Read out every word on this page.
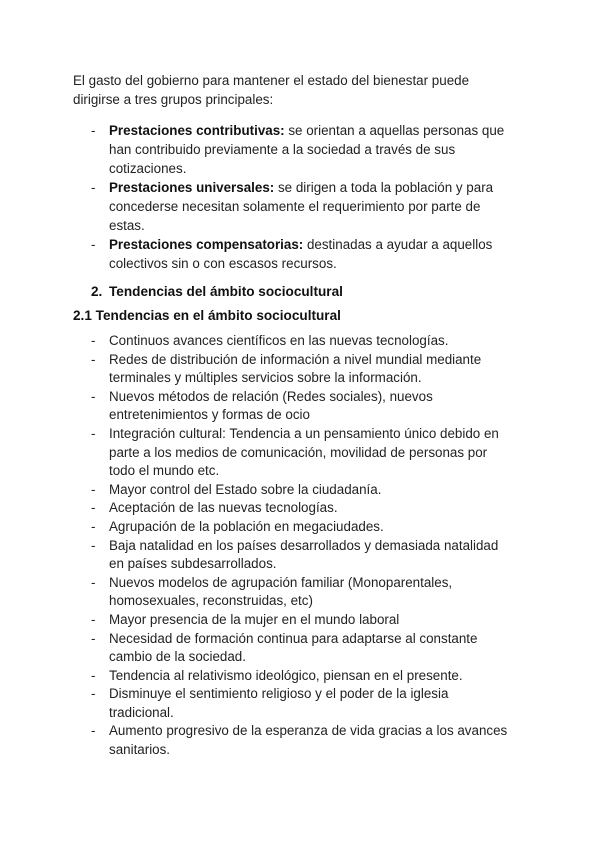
El gasto del gobierno para mantener el estado del bienestar puede dirigirse a tres grupos principales:

- Prestaciones contributivas: se orientan a aquellas personas que han contribuido previamente a la sociedad a través de sus cotizaciones.
- Prestaciones universales: se dirigen a toda la población y para concederse necesitan solamente el requerimiento por parte de estas.
- Prestaciones compensatorias: destinadas a ayudar a aquellos colectivos sin o con escasos recursos.

2. Tendencias del ámbito sociocultural

2.1 Tendencias en el ámbito sociocultural

- Continuos avances científicos en las nuevas tecnologías.
- Redes de distribución de información a nivel mundial mediante terminales y múltiples servicios sobre la información.
- Nuevos métodos de relación (Redes sociales), nuevos entretenimientos y formas de ocio
- Integración cultural: Tendencia a un pensamiento único debido en parte a los medios de comunicación, movilidad de personas por todo el mundo etc.
- Mayor control del Estado sobre la ciudadanía.
- Aceptación de las nuevas tecnologías.
- Agrupación de la población en megaciudades.
- Baja natalidad en los países desarrollados y demasiada natalidad en países subdesarrollados.
- Nuevos modelos de agrupación familiar (Monoparentales, homosexuales, reconstruidas, etc)
- Mayor presencia de la mujer en el mundo laboral
- Necesidad de formación continua para adaptarse al constante cambio de la sociedad.
- Tendencia al relativismo ideológico, piensan en el presente.
- Disminuye el sentimiento religioso y el poder de la iglesia tradicional.
- Aumento progresivo de la esperanza de vida gracias a los avances sanitarios.
